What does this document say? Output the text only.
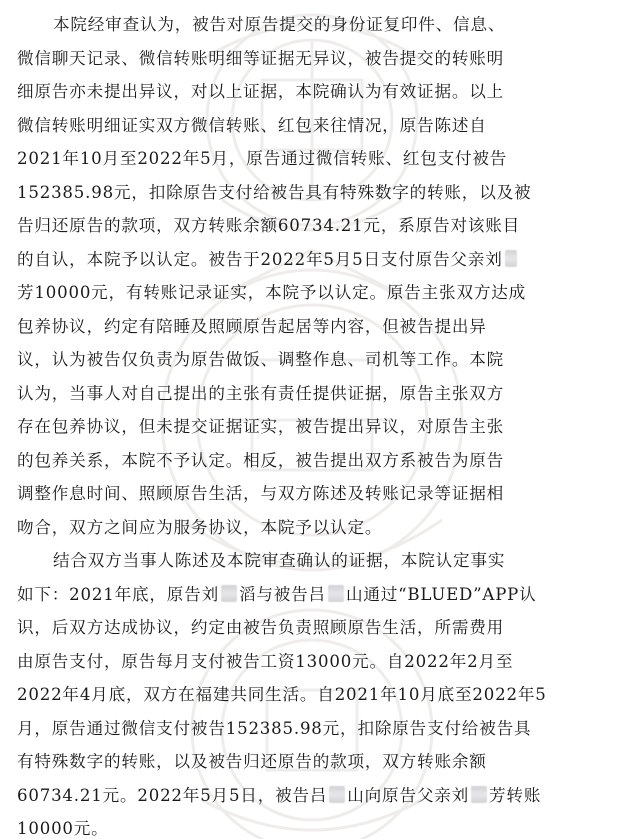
本院经审查认为，被告对原告提交的身份证复印件、信息、
微信聊天记录、微信转账明细等证据无异议，被告提交的转账明
细原告亦未提出异议，对以上证据，本院确认为有效证据。以上
微信转账明细证实双方微信转账、红包来往情况，原告陈述自
2021年10月至2022年5月，原告通过微信转账、红包支付被告
152385.98元，扣除原告支付给被告具有特殊数字的转账，以及被
告归还原告的款项，双方转账余额60734.21元，系原告对该账目
的自认，本院予以认定。被告于2022年5月5日支付原告父亲刘
芳10000元，有转账记录证实，本院予以认定。原告主张双方达成
包养协议，约定有陪睡及照顾原告起居等内容，但被告提出异
议，认为被告仅负责为原告做饭、调整作息、司机等工作。本院
认为，当事人对自己提出的主张有责任提供证据，原告主张双方
存在包养协议，但未提交证据证实，被告提出异议，对原告主张
的包养关系，本院不予认定。相反，被告提出双方系被告为原告
调整作息时间、照顾原告生活，与双方陈述及转账记录等证据相
吻合，双方之间应为服务协议，本院予以认定。
结合双方当事人陈述及本院审查确认的证据，本院认定事实
如下：2021年底，原告刘 滔与被告吕 山通过“BLUED”APP认
识，后双方达成协议，约定由被告负责照顾原告生活，所需费用
由原告支付，原告每月支付被告工资13000元。自2022年2月至
2022年4月底，双方在福建共同生活。自2021年10月底至2022年5
月，原告通过微信支付被告152385.98元，扣除原告支付给被告具
有特殊数字的转账，以及被告归还原告的款项，双方转账余额
60734.21元。2022年5月5日，被告吕 山向原告父亲刘 芳转账
10000元。
